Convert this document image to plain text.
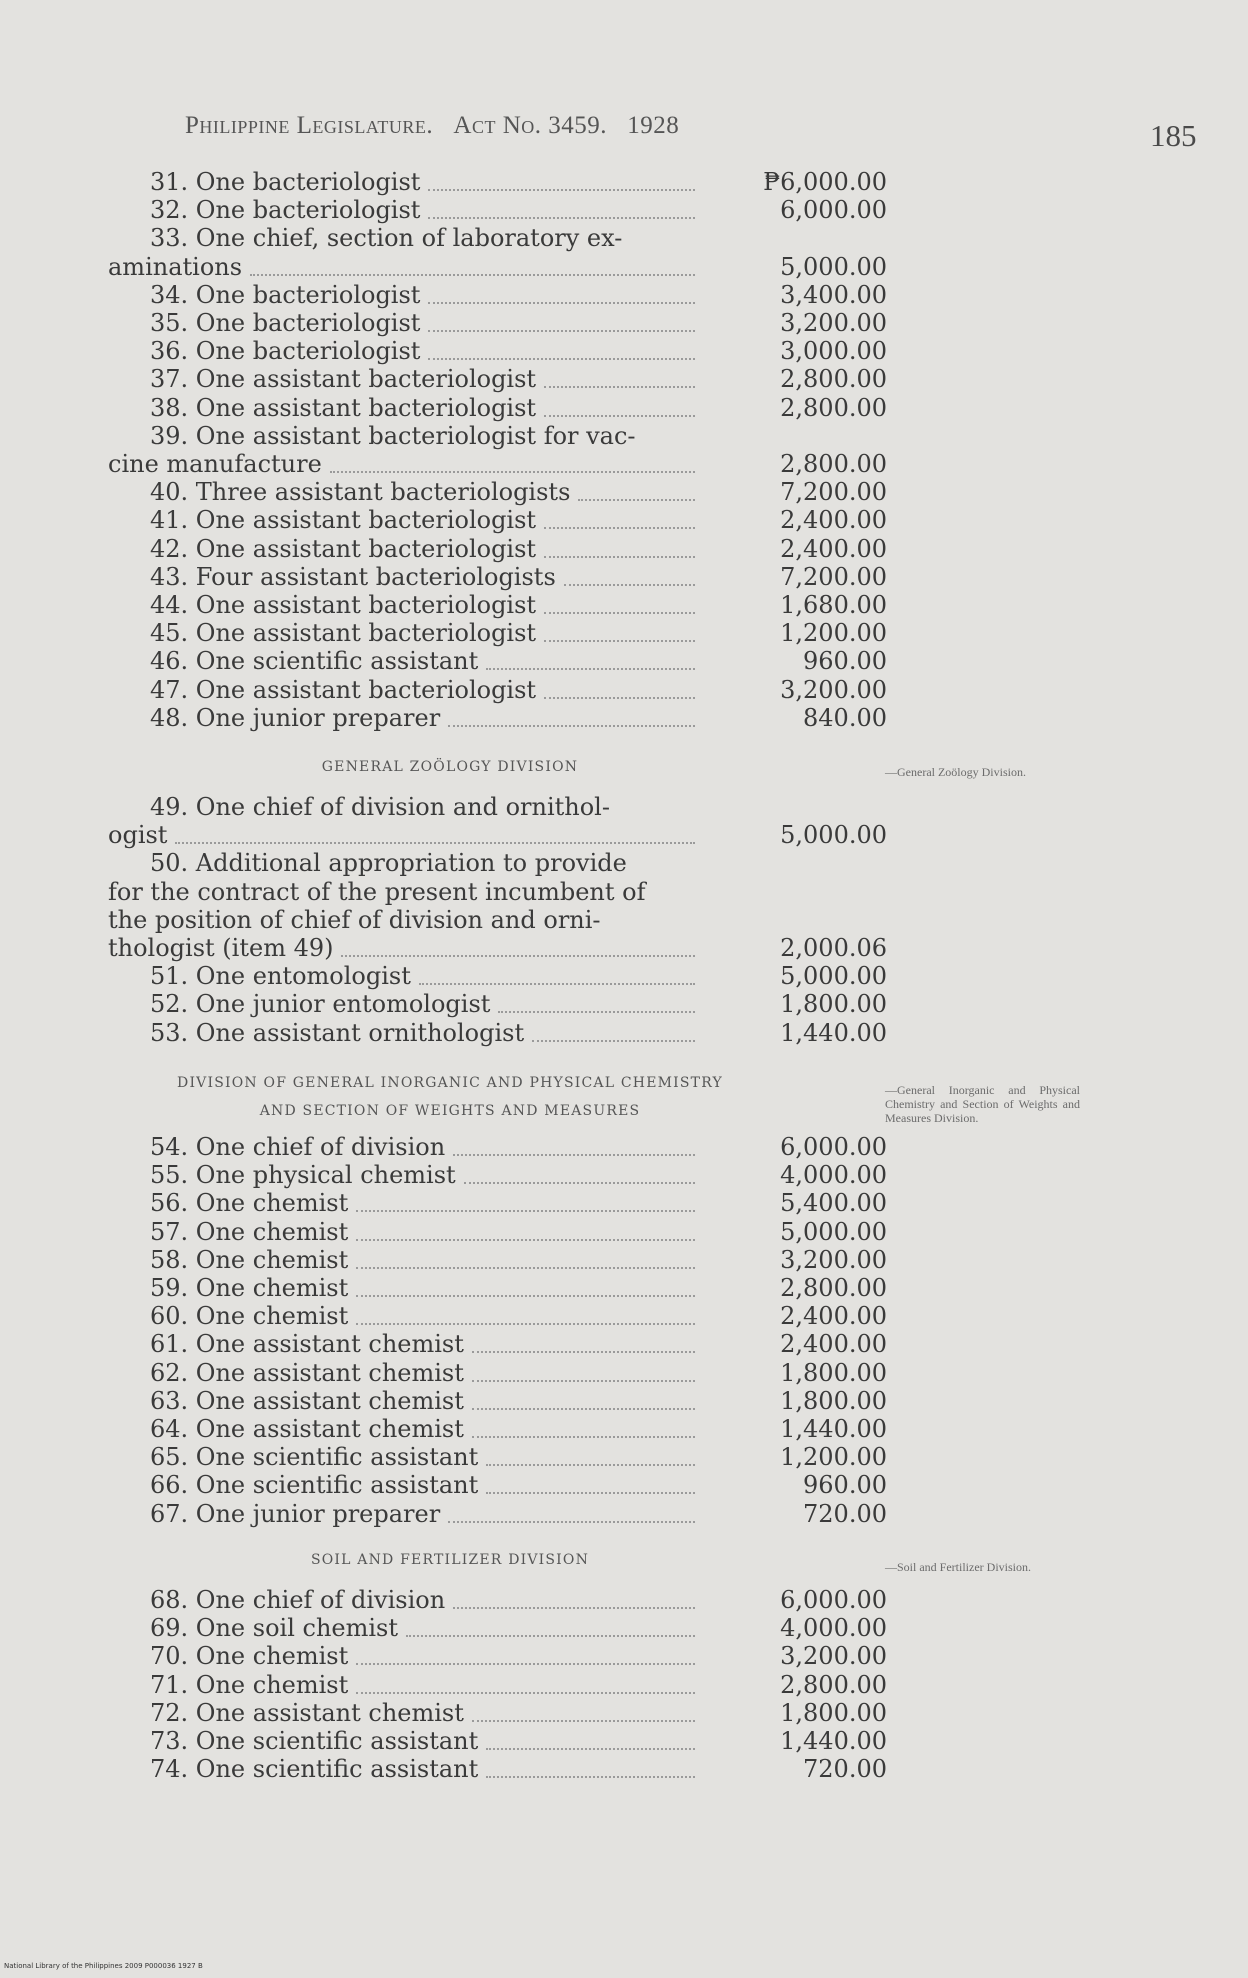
Philippine Legislature. Act No. 3459. 1928	185
31. One bacteriologist	₱6,000.00
32. One bacteriologist	6,000.00
33. One chief, section of laboratory ex-
aminations	5,000.00
34. One bacteriologist	3,400.00
35. One bacteriologist	3,200.00
36. One bacteriologist	3,000.00
37. One assistant bacteriologist	2,800.00
38. One assistant bacteriologist	2,800.00
39. One assistant bacteriologist for vac-
cine manufacture	2,800.00
40. Three assistant bacteriologists	7,200.00
41. One assistant bacteriologist	2,400.00
42. One assistant bacteriologist	2,400.00
43. Four assistant bacteriologists	7,200.00
44. One assistant bacteriologist	1,680.00
45. One assistant bacteriologist	1,200.00
46. One scientific assistant	960.00
47. One assistant bacteriologist	3,200.00
48. One junior preparer	840.00
49. One chief of division and ornithol-
ogist	5,000.00
50. Additional appropriation to provide
for the contract of the present incumbent of
the position of chief of division and orni-
thologist (item 49)	2,000.06
51. One entomologist	5,000.00
52. One junior entomologist	1,800.00
53. One assistant ornithologist	1,440.00
54. One chief of division	6,000.00
55. One physical chemist	4,000.00
56. One chemist	5,400.00
57. One chemist	5,000.00
58. One chemist	3,200.00
59. One chemist	2,800.00
60. One chemist	2,400.00
61. One assistant chemist	2,400.00
62. One assistant chemist	1,800.00
63. One assistant chemist	1,800.00
64. One assistant chemist	1,440.00
65. One scientific assistant	1,200.00
66. One scientific assistant	960.00
67. One junior preparer	720.00
68. One chief of division	6,000.00
69. One soil chemist	4,000.00
70. One chemist	3,200.00
71. One chemist	2,800.00
72. One assistant chemist	1,800.00
73. One scientific assistant	1,440.00
74. One scientific assistant	720.00
GENERAL ZOÖLOGY DIVISION	—General Zoölogy Division.
DIVISION OF GENERAL INORGANIC AND PHYSICAL CHEMISTRY
AND SECTION OF WEIGHTS AND MEASURES
—General Inorganic and Physical Chemistry and Section of Weights and Measures Division.
SOIL AND FERTILIZER DIVISION	—Soil and Fertilizer Division.
National Library of the Philippines 2009 P000036 1927 B
